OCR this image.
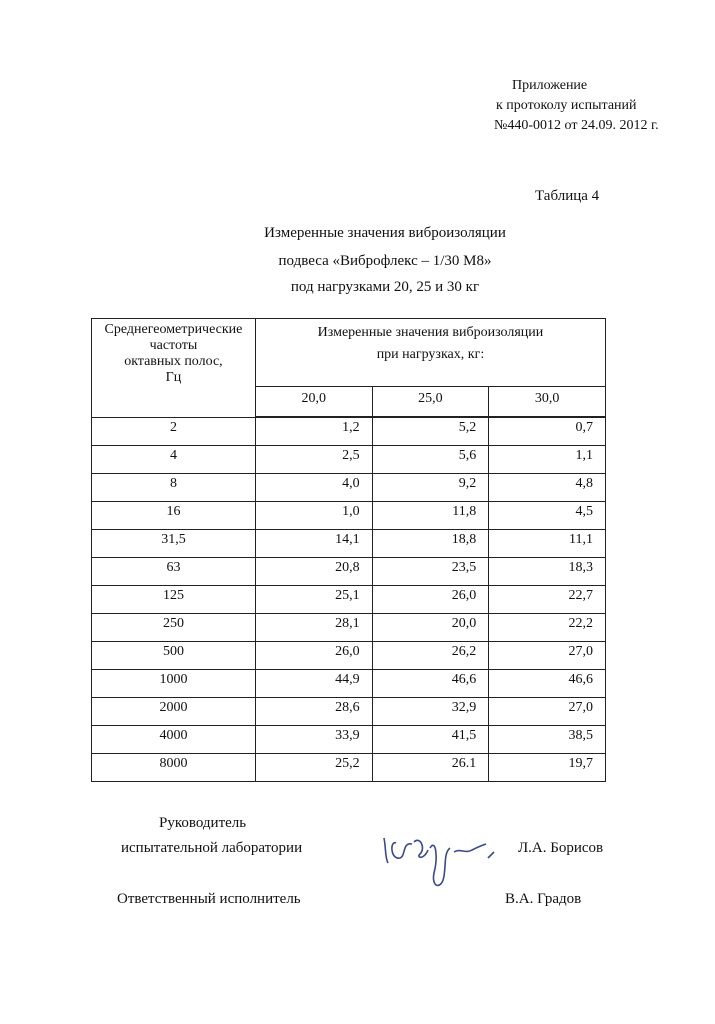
Приложение
к протоколу испытаний
№440-0012 от 24.09. 2012 г.
Таблица 4
Измеренные значения виброизоляции
подвеса «Виброфлекс – 1/30 М8»
под нагрузками 20, 25 и 30 кг
Среднегеометрические
частоты
октавных полос,
Гц	Измеренные значения виброизоляции
при нагрузках, кг:		

	20,0	25,0	30,0
2	1,2	5,2	0,7
4	2,5	5,6	1,1
8	4,0	9,2	4,8
16	1,0	11,8	4,5
31,5	14,1	18,8	11,1
63	20,8	23,5	18,3
125	25,1	26,0	22,7
250	28,1	20,0	22,2
500	26,0	26,2	27,0
1000	44,9	46,6	46,6
2000	28,6	32,9	27,0
4000	33,9	41,5	38,5
8000	25,2	26.1	19,7
Руководитель
испытательной лаборатории	Л.А. Борисов
Ответственный исполнитель	В.А. Градов
